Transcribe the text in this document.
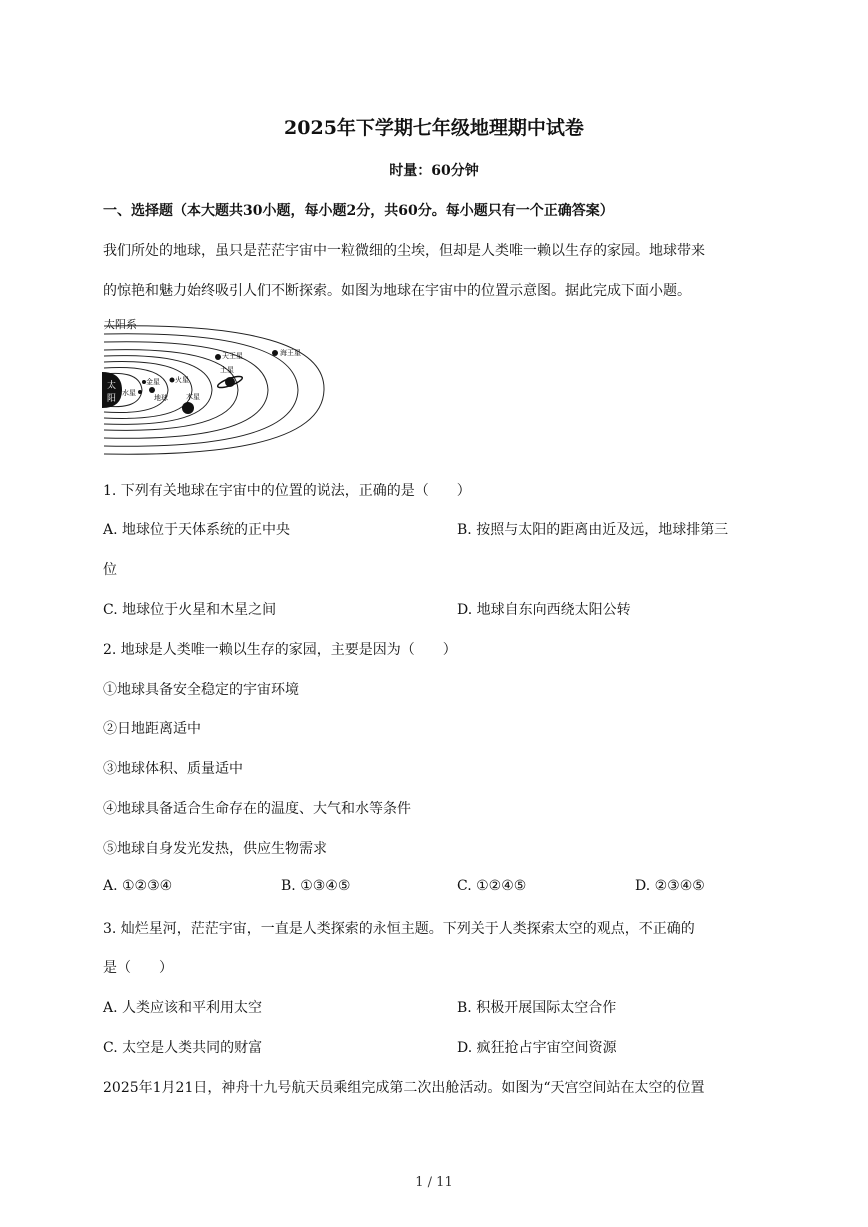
2025年下学期七年级地理期中试卷
时量：60分钟
一、选择题（本大题共30小题，每小题2分，共60分。每小题只有一个正确答案）
我们所处的地球，虽只是茫茫宇宙中一粒微细的尘埃，但却是人类唯一赖以生存的家园。地球带来
的惊艳和魅力始终吸引人们不断探索。如图为地球在宇宙中的位置示意图。据此完成下面小题。
太阳系
太
阳
水星
金星
地球
火星
木星
土星
天王星	海王星
1. 下列有关地球在宇宙中的位置的说法，正确的是（　　）
A. 地球位于天体系统的正中央	B. 按照与太阳的距离由近及远，地球排第三
位
C. 地球位于火星和木星之间	D. 地球自东向西绕太阳公转
2. 地球是人类唯一赖以生存的家园，主要是因为（　　）
①地球具备安全稳定的宇宙环境
②日地距离适中
③地球体积、质量适中
④地球具备适合生命存在的温度、大气和水等条件
⑤地球自身发光发热，供应生物需求
A. ①②③④	B. ①③④⑤	C. ①②④⑤	D. ②③④⑤
3. 灿烂星河，茫茫宇宙，一直是人类探索的永恒主题。下列关于人类探索太空的观点，不正确的
是（　　）
A. 人类应该和平利用太空	B. 积极开展国际太空合作
C. 太空是人类共同的财富	D. 疯狂抢占宇宙空间资源
2025年1月21日，神舟十九号航天员乘组完成第二次出舱活动。如图为“天宫空间站在太空的位置
1 / 11
